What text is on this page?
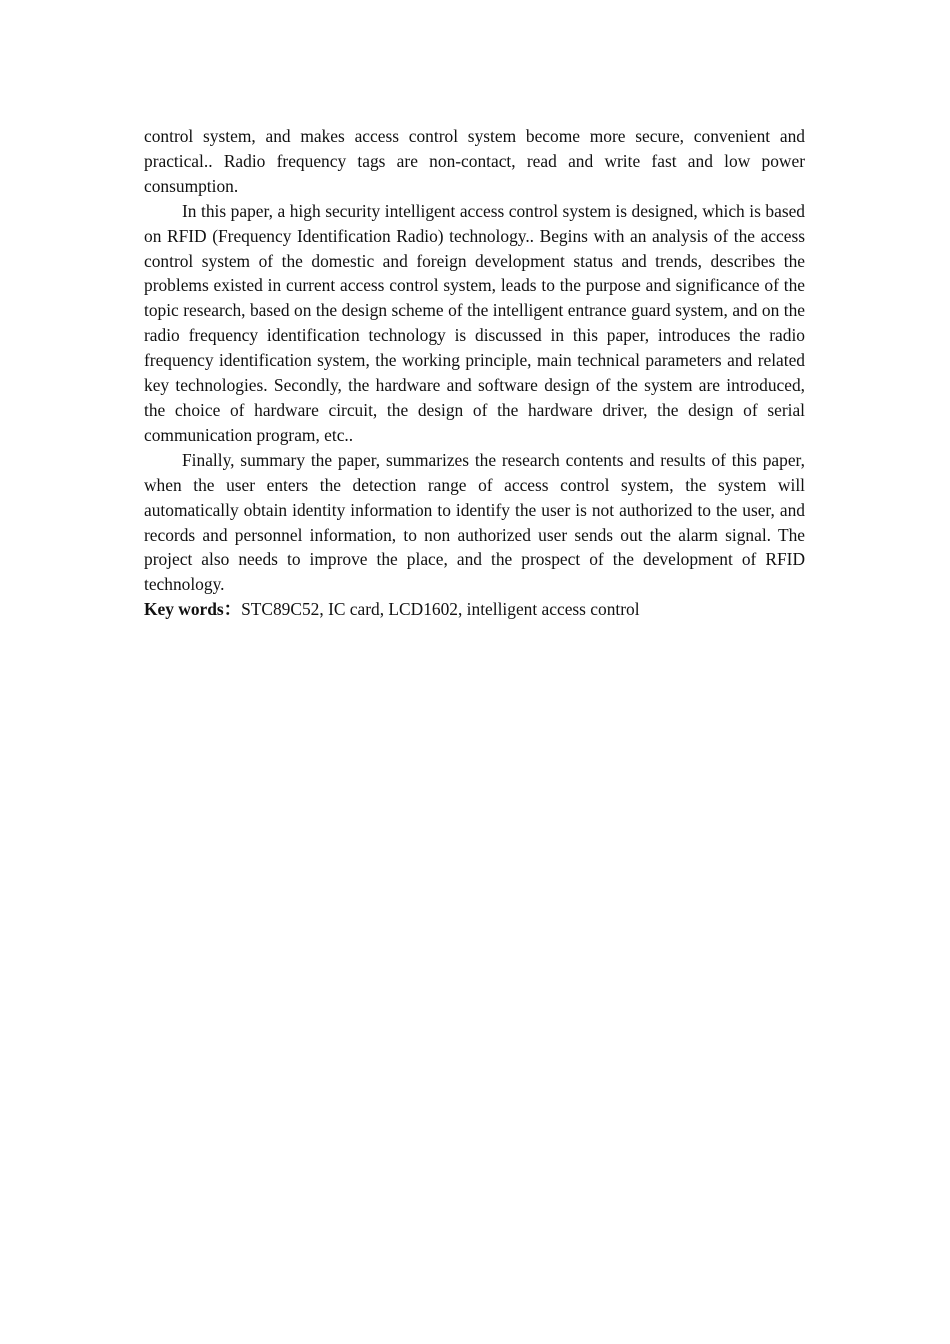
control system, and makes access control system become more secure, convenient and practical.. Radio frequency tags are non-contact, read and write fast and low power consumption.

In this paper, a high security intelligent access control system is designed, which is based on RFID (Frequency Identification Radio) technology.. Begins with an analysis of the access control system of the domestic and foreign development status and trends, describes the problems existed in current access control system, leads to the purpose and significance of the topic research, based on the design scheme of the intelligent entrance guard system, and on the radio frequency identification technology is discussed in this paper, introduces the radio frequency identification system, the working principle, main technical parameters and related key technologies. Secondly, the hardware and software design of the system are introduced, the choice of hardware circuit, the design of the hardware driver, the design of serial communication program, etc..

Finally, summary the paper, summarizes the research contents and results of this paper, when the user enters the detection range of access control system, the system will automatically obtain identity information to identify the user is not authorized to the user, and records and personnel information, to non authorized user sends out the alarm signal. The project also needs to improve the place, and the prospect of the development of RFID technology.

Key words：STC89C52, IC card, LCD1602, intelligent access control
